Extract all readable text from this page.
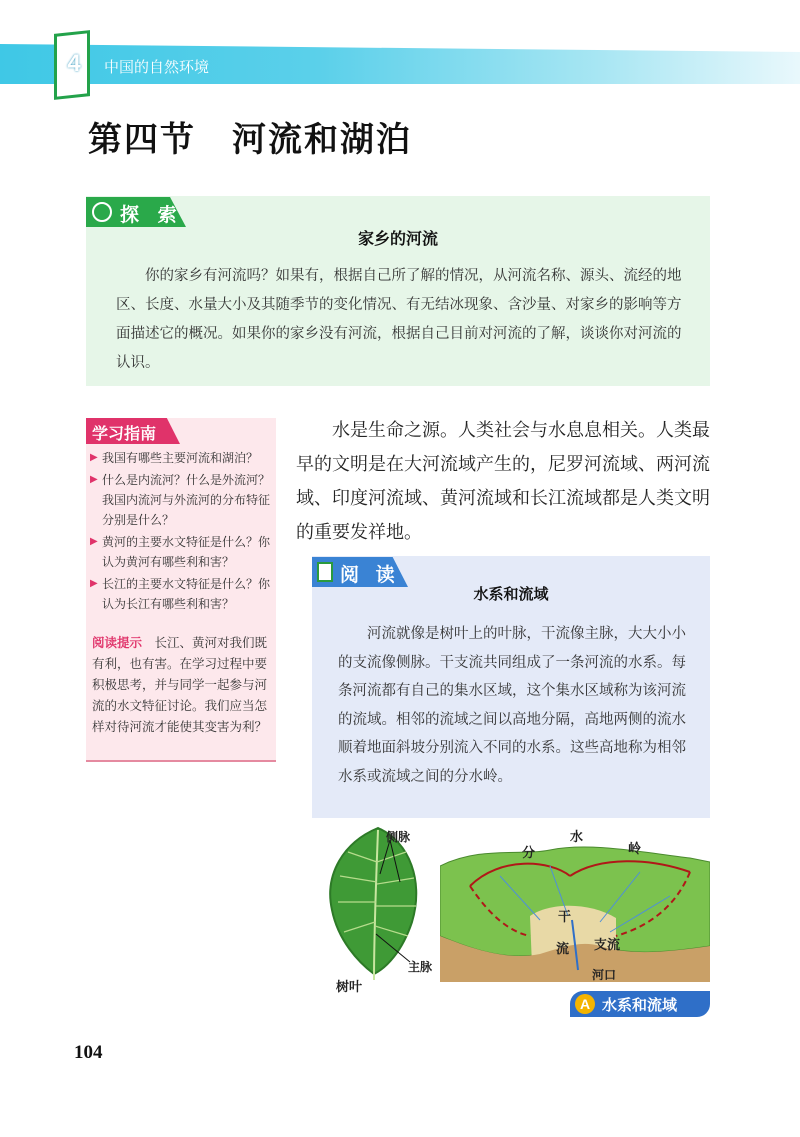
4	中国的自然环境
第四节　河流和湖泊
探 索
家乡的河流
你的家乡有河流吗？如果有，根据自己所了解的情况，从河流名称、源头、流经的地区、长度、水量大小及其随季节的变化情况、有无结冰现象、含沙量、对家乡的影响等方面描述它的概况。如果你的家乡没有河流，根据自己目前对河流的了解，谈谈你对河流的认识。
学习指南
▶ 我国有哪些主要河流和湖泊？
▶ 什么是内流河？什么是外流河？我国内流河与外流河的分布特征分别是什么？
▶ 黄河的主要水文特征是什么？你认为黄河有哪些利和害？
▶ 长江的主要水文特征是什么？你认为长江有哪些利和害？
阅读提示　 长江、黄河对我们既有利，也有害。在学习过程中要积极思考，并与同学一起参与河流的水文特征讨论。我们应当怎样对待河流才能使其变害为利？
水是生命之源。人类社会与水息息相关。人类最早的文明是在大河流域产生的，尼罗河流域、两河流域、印度河流域、黄河流域和长江流域都是人类文明的重要发祥地。
阅 读
水系和流域
河流就像是树叶上的叶脉，干流像主脉，大大小小的支流像侧脉。干支流共同组成了一条河流的水系。每条河流都有自己的集水区域，这个集水区域称为该河流的流域。相邻的流域之间以高地分隔，高地两侧的流水顺着地面斜坡分别流入不同的水系。这些高地称为相邻水系或流域之间的分水岭。
侧脉
主脉
树叶
分
水
岭
干
流 支流
河口
A 水系和流域
104
